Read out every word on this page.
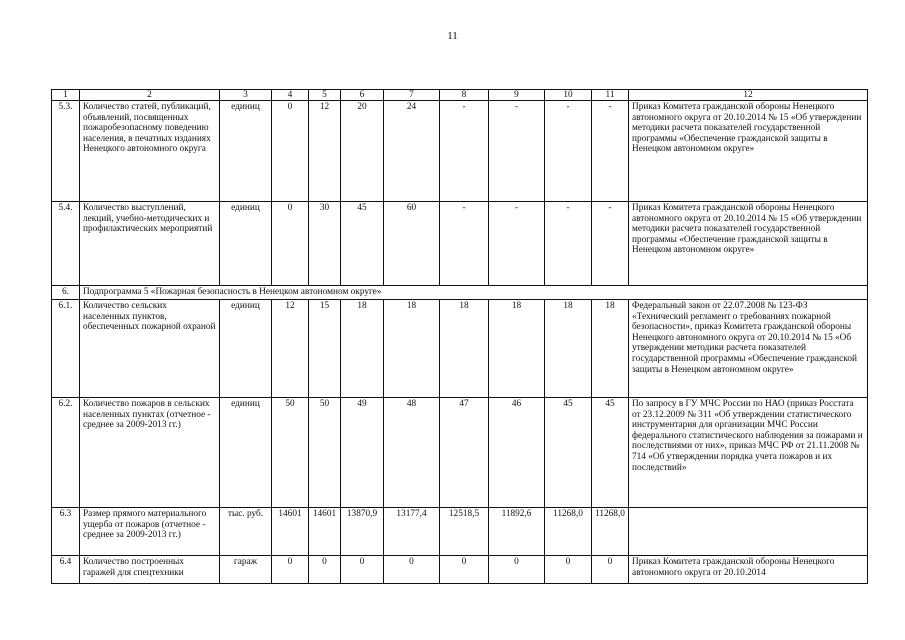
11
1	2	3	4	5	6	7	8	9	10	11	12
5.3.	Количество статей, публикаций, объявлений, посвященных пожаробезопасному поведению населения, в печатных изданиях Ненецкого автономного округа	единиц	0	12	20	24	-	-	-	-	Приказ Комитета гражданской обороны Ненецкого автономного округа от 20.10.2014 № 15 «Об утверждении методики расчета показателей государственной программы «Обеспечение гражданской защиты в Ненецком автономном округе»
5.4.	Количество выступлений, лекций, учебно-методических и профилактических мероприятий	единиц	0	30	45	60	-	-	-	-	Приказ Комитета гражданской обороны Ненецкого автономного округа от 20.10.2014 № 15 «Об утверждении методики расчета показателей государственной программы «Обеспечение гражданской защиты в Ненецком автономном округе»
6.	Подпрограмма 5 «Пожарная безопасность в Ненецком автономном округе»										
6.1.	Количество сельских населенных пунктов, обеспеченных пожарной охраной	единиц	12	15	18	18	18	18	18	18	Федеральный закон от 22.07.2008 № 123-ФЗ «Технический регламент о требованиях пожарной безопасности», приказ Комитета гражданской обороны Ненецкого автономного округа от 20.10.2014 № 15 «Об утверждении методики расчета показателей государственной программы «Обеспечение гражданской защиты в Ненецком автономном округе»
6.2.	Количество пожаров в сельских населенных пунктах (отчетное - среднее за 2009-2013 гг.)	единиц	50	50	49	48	47	46	45	45	По запросу в ГУ МЧС России по НАО (приказ Росстата от 23.12.2009 № 311 «Об утверждении статистического инструментария для организации МЧС России федерального статистического наблюдения за пожарами и последствиями от них», приказ МЧС РФ от 21.11.2008 № 714 «Об утверждении порядка учета пожаров и их последствий»
6.3	Размер прямого материального ущерба от пожаров (отчетное - среднее за 2009-2013 гг.)	тыс. руб.	14601	14601	13870,9	13177,4	12518,5	11892,6	11268,0	11268,0	
6.4	Количество построенных гаражей для спецтехники	гараж	0	0	0	0	0	0	0	0	Приказ Комитета гражданской обороны Ненецкого автономного округа от 20.10.2014
